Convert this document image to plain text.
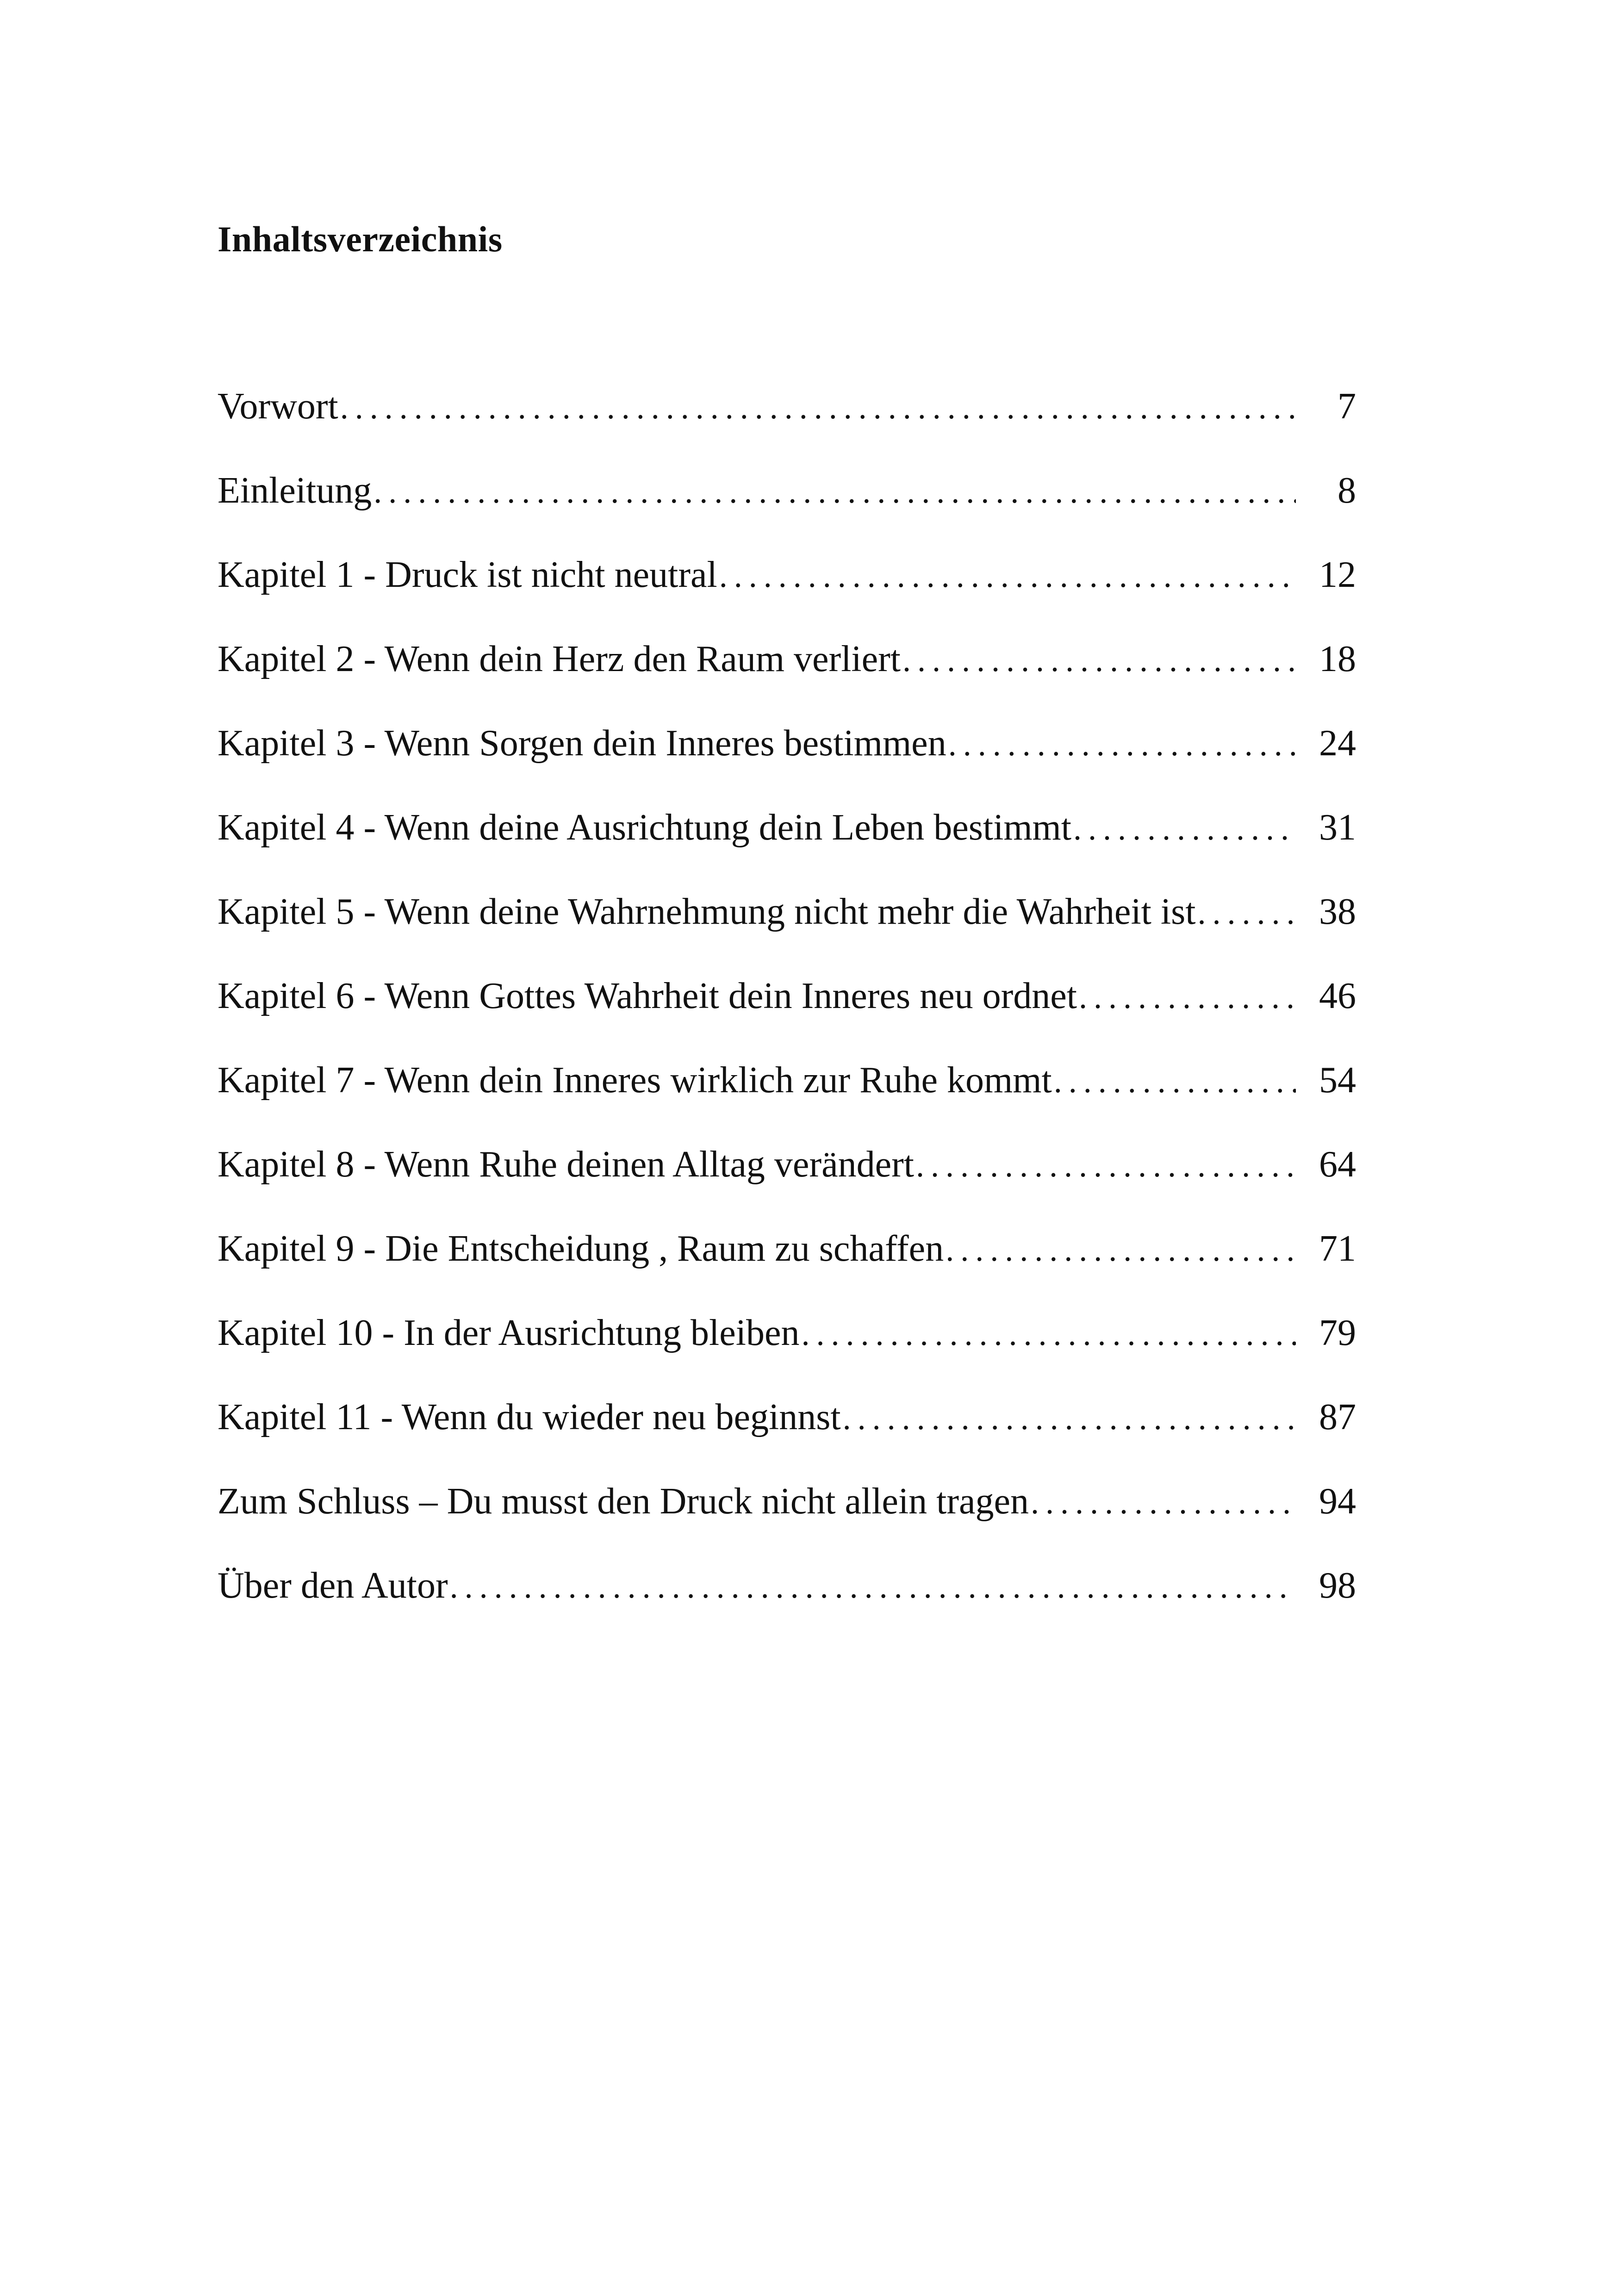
Inhaltsverzeichnis
Vorwort .....	7
Einleitung .....	8
Kapitel 1 - Druck ist nicht neutral .....	12
Kapitel 2 - Wenn dein Herz den Raum verliert .....	18
Kapitel 3 - Wenn Sorgen dein Inneres bestimmen .....	24
Kapitel 4 - Wenn deine Ausrichtung dein Leben bestimmt .....	31
Kapitel 5 - Wenn deine Wahrnehmung nicht mehr die Wahrheit ist .....	38
Kapitel 6 - Wenn Gottes Wahrheit dein Inneres neu ordnet .....	46
Kapitel 7 - Wenn dein Inneres wirklich zur Ruhe kommt .....	54
Kapitel 8 - Wenn Ruhe deinen Alltag verändert .....	64
Kapitel 9 - Die Entscheidung , Raum zu schaffen .....	71
Kapitel 10 - In der Ausrichtung bleiben .....	79
Kapitel 11 - Wenn du wieder neu beginnst .....	87
Zum Schluss – Du musst den Druck nicht allein tragen .....	94
Über den Autor .....	98
